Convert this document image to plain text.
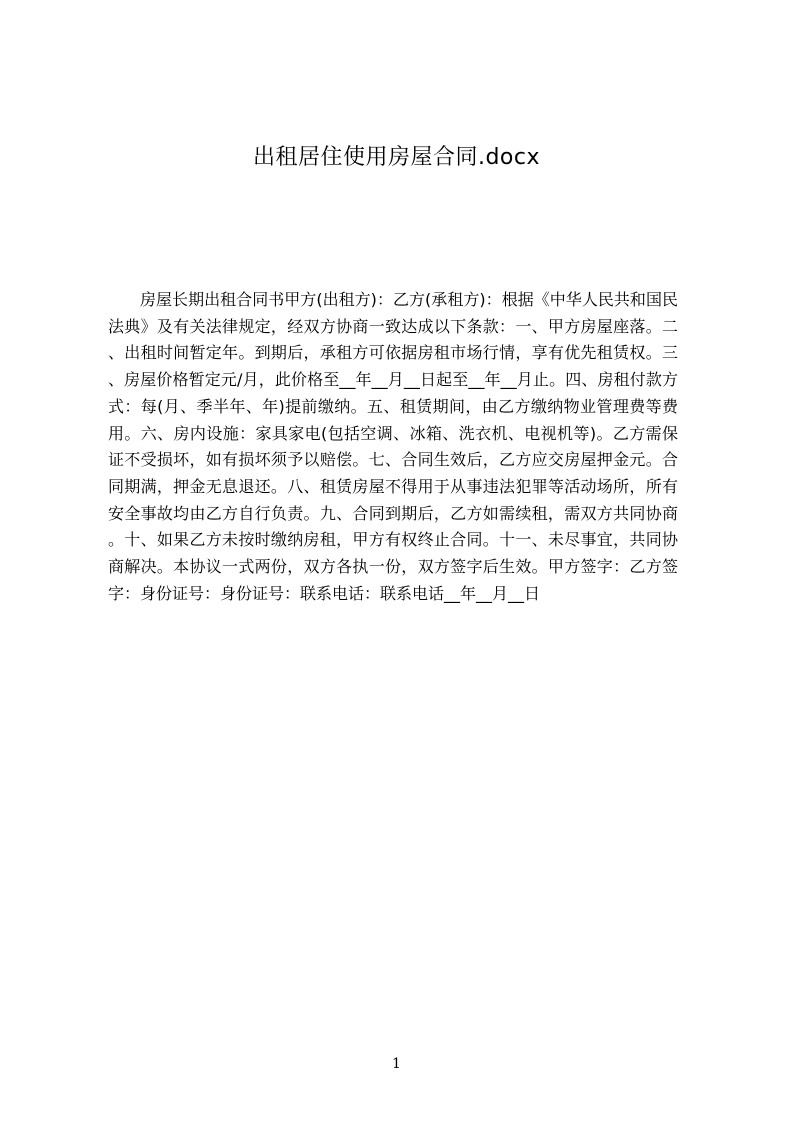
出租居住使用房屋合同.docx

房屋长期出租合同书甲方(出租方)：乙方(承租方)：根据《中华人民共和国民法典》及有关法律规定，经双方协商一致达成以下条款：一、甲方房屋座落。二、出租时间暂定年。到期后，承租方可依据房租市场行情，享有优先租赁权。三、房屋价格暂定元/月，此价格至__年__月__日起至__年__月止。四、房租付款方式：每(月、季半年、年)提前缴纳。五、租赁期间，由乙方缴纳物业管理费等费用。六、房内设施：家具家电(包括空调、冰箱、洗衣机、电视机等)。乙方需保证不受损坏，如有损坏须予以赔偿。七、合同生效后，乙方应交房屋押金元。合同期满，押金无息退还。八、租赁房屋不得用于从事违法犯罪等活动场所，所有安全事故均由乙方自行负责。九、合同到期后，乙方如需续租，需双方共同协商。十、如果乙方未按时缴纳房租，甲方有权终止合同。十一、未尽事宜，共同协商解决。本协议一式两份，双方各执一份，双方签字后生效。甲方签字：乙方签字：身份证号：身份证号：联系电话：联系电话__年__月__日

1
